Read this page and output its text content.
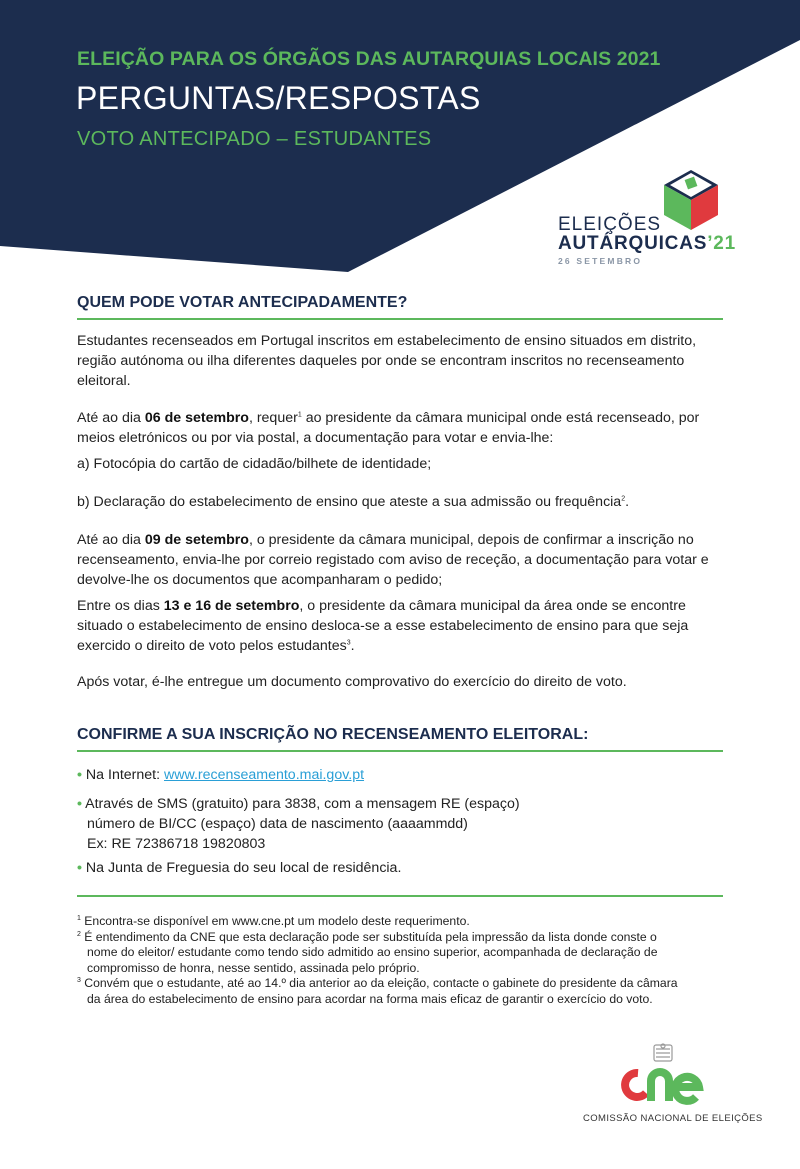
ELEIÇÃO PARA OS ÓRGÃOS DAS AUTARQUIAS LOCAIS 2021
PERGUNTAS/RESPOSTAS
VOTO ANTECIPADO – ESTUDANTES
ELEIÇÕES
AUTÁRQUICAS’21
26 SETEMBRO
QUEM PODE VOTAR ANTECIPADAMENTE?
Estudantes recenseados em Portugal inscritos em estabelecimento de ensino situados em distrito, região autónoma ou ilha diferentes daqueles por onde se encontram inscritos no recenseamento eleitoral.
Até ao dia 06 de setembro, requer$^1$ ao presidente da câmara municipal onde está recenseado, por meios eletrónicos ou por via postal, a documentação para votar e envia-lhe:
a) Fotocópia do cartão de cidadão/bilhete de identidade;
b) Declaração do estabelecimento de ensino que ateste a sua admissão ou frequência$^2$.
Até ao dia 09 de setembro, o presidente da câmara municipal, depois de confirmar a inscrição no recenseamento, envia-lhe por correio registado com aviso de receção, a documentação para votar e devolve-lhe os documentos que acompanharam o pedido;
Entre os dias 13 e 16 de setembro, o presidente da câmara municipal da área onde se encontre situado o estabelecimento de ensino desloca-se a esse estabelecimento de ensino para que seja exercido o direito de voto pelos estudantes$^3$.
Após votar, é-lhe entregue um documento comprovativo do exercício do direito de voto.
CONFIRME A SUA INSCRIÇÃO NO RECENSEAMENTO ELEITORAL:
• Na Internet: www.recenseamento.mai.gov.pt
• Através de SMS (gratuito) para 3838, com a mensagem RE (espaço)
número de BI/CC (espaço) data de nascimento (aaaammdd)
Ex: RE 72386718 19820803
• Na Junta de Freguesia do seu local de residência.
$^1$ Encontra-se disponível em www.cne.pt um modelo deste requerimento.
$^2$ É entendimento da CNE que esta declaração pode ser substituída pela impressão da lista donde conste o
nome do eleitor/ estudante como tendo sido admitido ao ensino superior, acompanhada de declaração de compromisso de honra, nesse sentido, assinada pelo próprio.
$^3$ Convém que o estudante, até ao 14.º dia anterior ao da eleição, contacte o gabinete do presidente da câmara
da área do estabelecimento de ensino para acordar na forma mais eficaz de garantir o exercício do voto.
COMISSÃO NACIONAL DE ELEIÇÕES
